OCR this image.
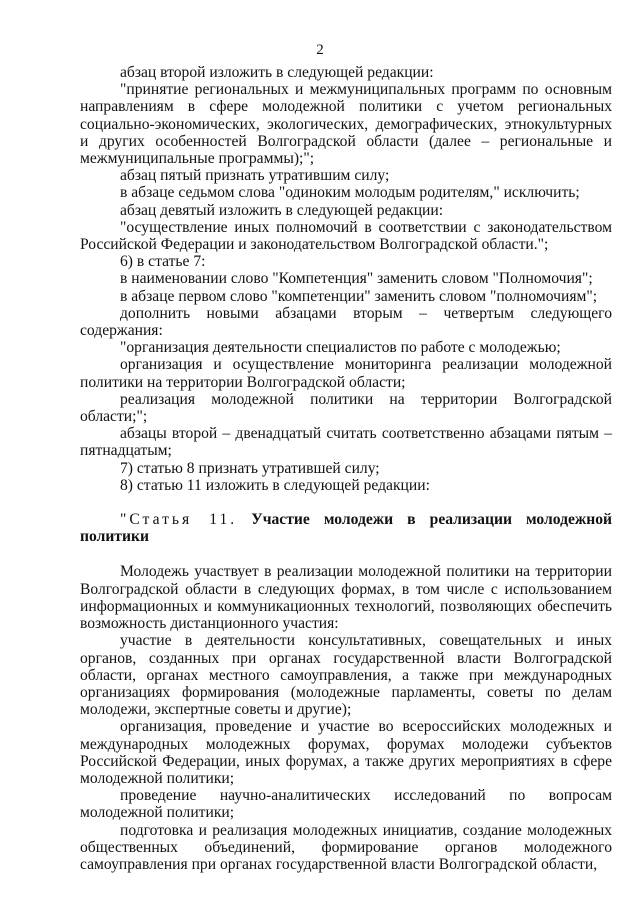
2

абзац второй изложить в следующей редакции:

"принятие региональных и межмуниципальных программ по основным направлениям в сфере молодежной политики с учетом региональных социально-экономических, экологических, демографических, этнокультурных и других особенностей Волгоградской области (далее – региональные и межмуниципальные программы);";

абзац пятый признать утратившим силу;

в абзаце седьмом слова "одиноким молодым родителям," исключить;

абзац девятый изложить в следующей редакции:

"осуществление иных полномочий в соответствии с законодательством Российской Федерации и законодательством Волгоградской области.";

6) в статье 7:

в наименовании слово "Компетенция" заменить словом "Полномочия";

в абзаце первом слово "компетенции" заменить словом "полномочиям";

дополнить новыми абзацами вторым – четвертым следующего содержания:

"организация деятельности специалистов по работе с молодежью;

организация и осуществление мониторинга реализации молодежной политики на территории Волгоградской области;

реализация молодежной политики на территории Волгоградской области;";

абзацы второй – двенадцатый считать соответственно абзацами пятым – пятнадцатым;

7) статью 8 признать утратившей силу;

8) статью 11 изложить в следующей редакции:

"Статья 11. Участие молодежи в реализации молодежной политики

Молодежь участвует в реализации молодежной политики на территории Волгоградской области в следующих формах, в том числе с использованием информационных и коммуникационных технологий, позволяющих обеспечить возможность дистанционного участия:

участие в деятельности консультативных, совещательных и иных органов, созданных при органах государственной власти Волгоградской области, органах местного самоуправления, а также при международных организациях формирования (молодежные парламенты, советы по делам молодежи, экспертные советы и другие);

организация, проведение и участие во всероссийских молодежных и международных молодежных форумах, форумах молодежи субъектов Российской Федерации, иных форумах, а также других мероприятиях в сфере молодежной политики;

проведение научно-аналитических исследований по вопросам молодежной политики;

подготовка и реализация молодежных инициатив, создание молодежных общественных объединений, формирование органов молодежного самоуправления при органах государственной власти Волгоградской области,
